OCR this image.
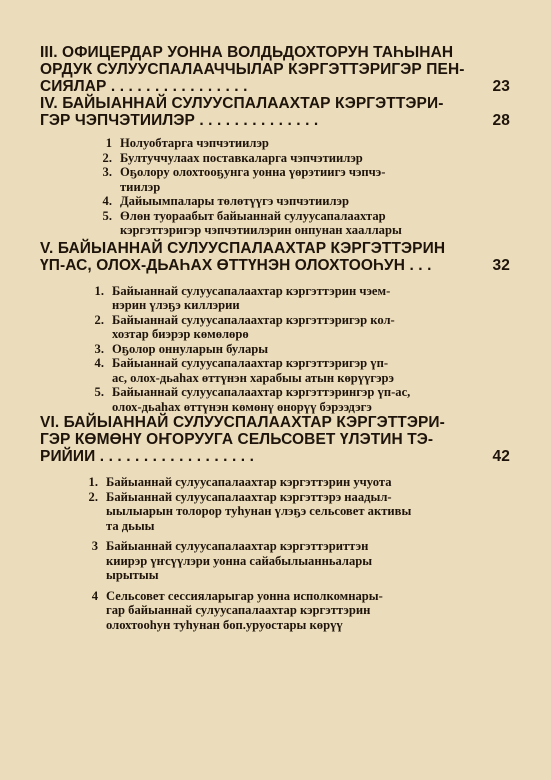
III. ОФИЦЕРДАР УОННА ВОЛДЬДОХТОРУН ТАҺЫНАН
ОРДУК СУЛУУСПАЛААЧЧЫЛАР КЭРГЭТТЭРИГЭР ПЕН-
СИЯЛАР . . . . . . . . . . . . . . . .	23
IV. БАЙЫАННАЙ СУЛУУСПАЛААХТАР КЭРГЭТТЭРИ-
ГЭР ЧЭПЧЭТИИЛЭР . . . . . . . . . . . . . .	28
1 Нолуобтарга чэпчэтиилэр
2. Бултуччулаах поставкаларга чэпчэтиилэр
3. Оҕолору олохтооҕунга уонна үөрэтиигэ чэпчэ-
тиилэр
4. Дайыымпалары төлөтүүгэ чэпчэтиилэр
5. Өлөн туораабыт байыаннай сулуусапалаахтар
кэргэттэригэр чэпчэтиилэрин онпунан хааллары
V. БАЙЫАННАЙ СУЛУУСПАЛААХТАР КЭРГЭТТЭРИН
ҮП-АС, ОЛОХ-ДЬАҺАХ ӨТТҮНЭН ОЛОХТООҺУН . . .	32
1. Байыаннай сулуусапалаахтар кэргэттэрин чэем-
нэрин үлэҕэ киллэрии
2. Байыаннай сулуусапалаахтар кэргэттэригэр кол-
хозтар биэрэр көмөлөрө
3. Оҕолор оннуларын булары
4. Байыаннай сулуусапалаахтар кэргэттэригэр үп-
ас, олох-дьаһах өттүнэн харабыы атын көрүүгэрэ
5. Байыаннай сулуусапалаахтар кэргэттэрингэр үп-ас,
олох-дьаһах өттүнэн көмөнү өнорүү бэрээдэгэ
VI. БАЙЫАННАЙ СУЛУУСПАЛААХТАР КЭРГЭТТЭРИ-
ГЭР КӨМӨНҮ ОҤОРУУГА СЕЛЬСОВЕТ ҮЛЭТИН ТЭ-
РИЙИИ . . . . . . . . . . . . . . . . . .	42
1. Байыаннай сулуусапалаахтар кэргэттэрин учуота
2. Байыаннай сулуусапалаахтар кэргэттэрэ наадыл-
ыылыарын толорор туһунан үлэҕэ сельсовет активы
та дьыы
3 Байыаннай сулуусапалаахтар кэргэттэриттэн
киирэр үҥсүүлэри уонна сайабылыанньалары
ырытыы
4 Сельсовет сессияларыгар уонна исполкомнары-
гар байыаннай сулуусапалаахтар кэргэттэрин
олохтооһун туһунан боп.уруостары көрүү
